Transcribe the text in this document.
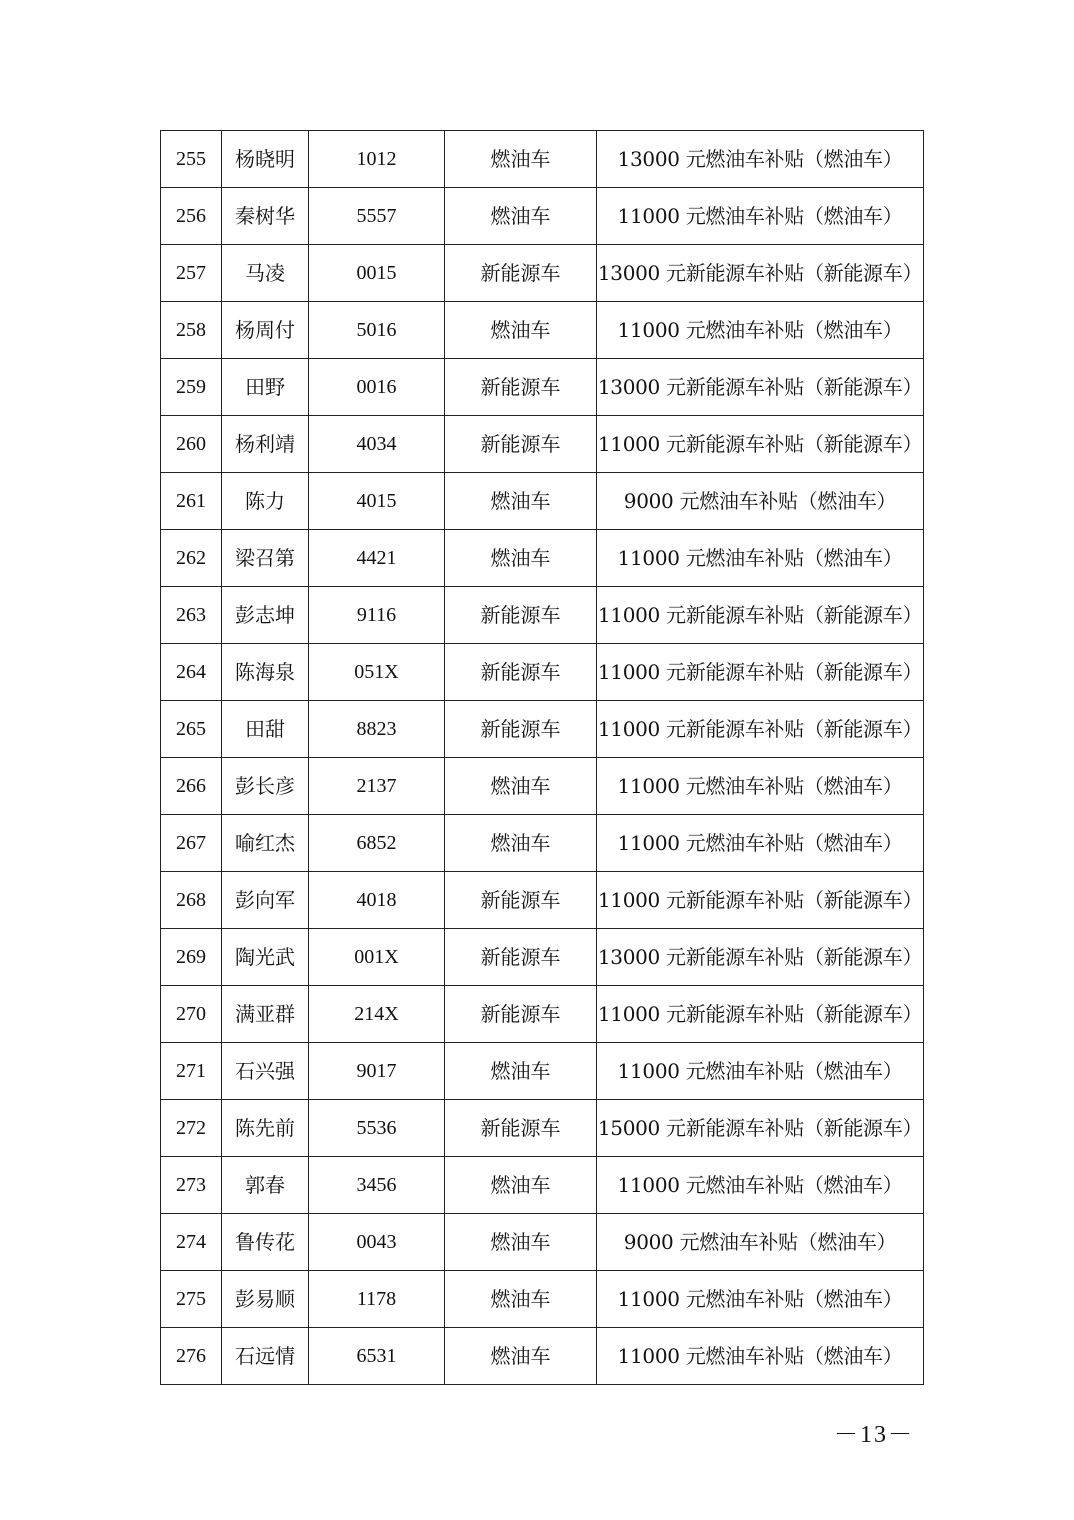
255	杨晓明	1012	燃油车	13000 元燃油车补贴（燃油车）
256	秦树华	5557	燃油车	11000 元燃油车补贴（燃油车）
257	马凌	0015	新能源车	13000 元新能源车补贴（新能源车）
258	杨周付	5016	燃油车	11000 元燃油车补贴（燃油车）
259	田野	0016	新能源车	13000 元新能源车补贴（新能源车）
260	杨利靖	4034	新能源车	11000 元新能源车补贴（新能源车）
261	陈力	4015	燃油车	9000 元燃油车补贴（燃油车）
262	梁召第	4421	燃油车	11000 元燃油车补贴（燃油车）
263	彭志坤	9116	新能源车	11000 元新能源车补贴（新能源车）
264	陈海泉	051X	新能源车	11000 元新能源车补贴（新能源车）
265	田甜	8823	新能源车	11000 元新能源车补贴（新能源车）
266	彭长彦	2137	燃油车	11000 元燃油车补贴（燃油车）
267	喻红杰	6852	燃油车	11000 元燃油车补贴（燃油车）
268	彭向军	4018	新能源车	11000 元新能源车补贴（新能源车）
269	陶光武	001X	新能源车	13000 元新能源车补贴（新能源车）
270	满亚群	214X	新能源车	11000 元新能源车补贴（新能源车）
271	石兴强	9017	燃油车	11000 元燃油车补贴（燃油车）
272	陈先前	5536	新能源车	15000 元新能源车补贴（新能源车）
273	郭春	3456	燃油车	11000 元燃油车补贴（燃油车）
274	鲁传花	0043	燃油车	9000 元燃油车补贴（燃油车）
275	彭易顺	1178	燃油车	11000 元燃油车补贴（燃油车）
276	石远情	6531	燃油车	11000 元燃油车补贴（燃油车）
－13－
